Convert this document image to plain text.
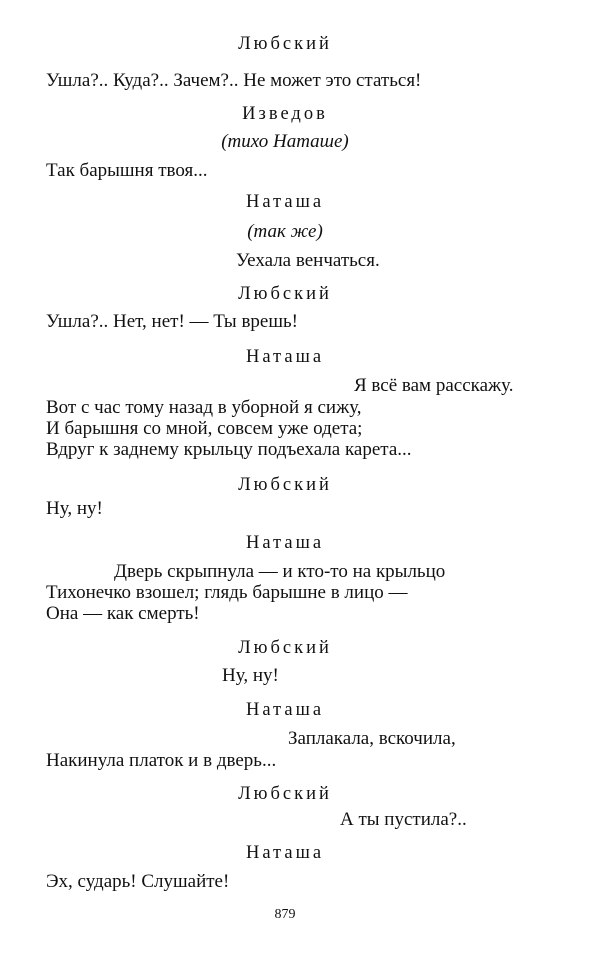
Любский
Ушла?.. Куда?.. Зачем?.. Не может это статься!
Изведов
(тихо Наташе)
Так барышня твоя...
Наташа
(так же)
Уехала венчаться.
Любский
Ушла?.. Нет, нет! — Ты врешь!
Наташа
Я всё вам расскажу.
Вот с час тому назад в уборной я сижу,
И барышня со мной, совсем уже одета;
Вдруг к заднему крыльцу подъехала карета...
Любский
Ну, ну!
Наташа
Дверь скрыпнула — и кто-то на крыльцо
Тихонечко взошел; глядь барышне в лицо —
Она — как смерть!
Любский
Ну, ну!
Наташа
Заплакала, вскочила,
Накинула платок и в дверь...
Любский
А ты пустила?..
Наташа
Эх, сударь! Слушайте!
879
